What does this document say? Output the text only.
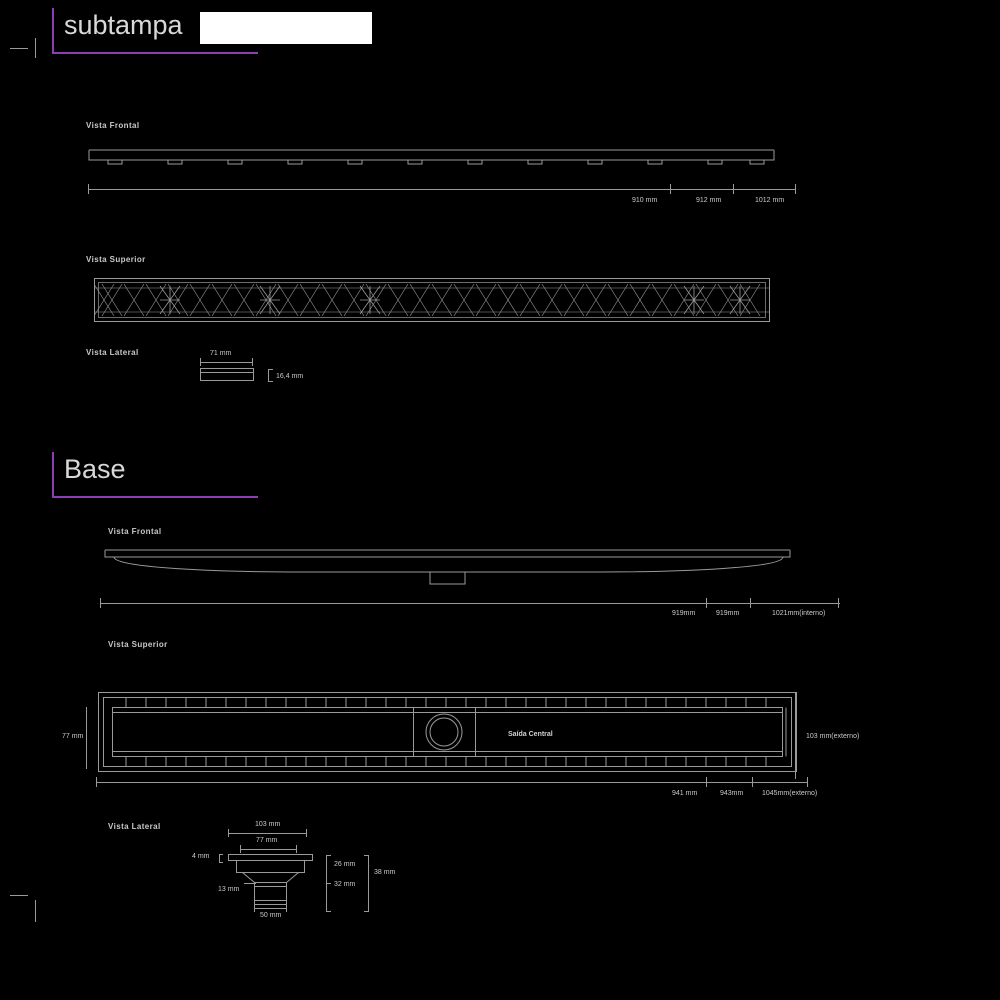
subtampa
Vista Frontal
910 mm	912 mm	1012 mm
Vista Superior
Vista Lateral	71 mm
16,4 mm
Base
Vista Frontal
919mm	919mm	1021mm(interno)
Vista Superior
Saída Central
77 mm	103 mm(externo)
941 mm	943mm	1045mm(externo)
Vista Lateral	103 mm
77 mm
4 mm
13 mm
50 mm
26 mm
32 mm
38 mm
